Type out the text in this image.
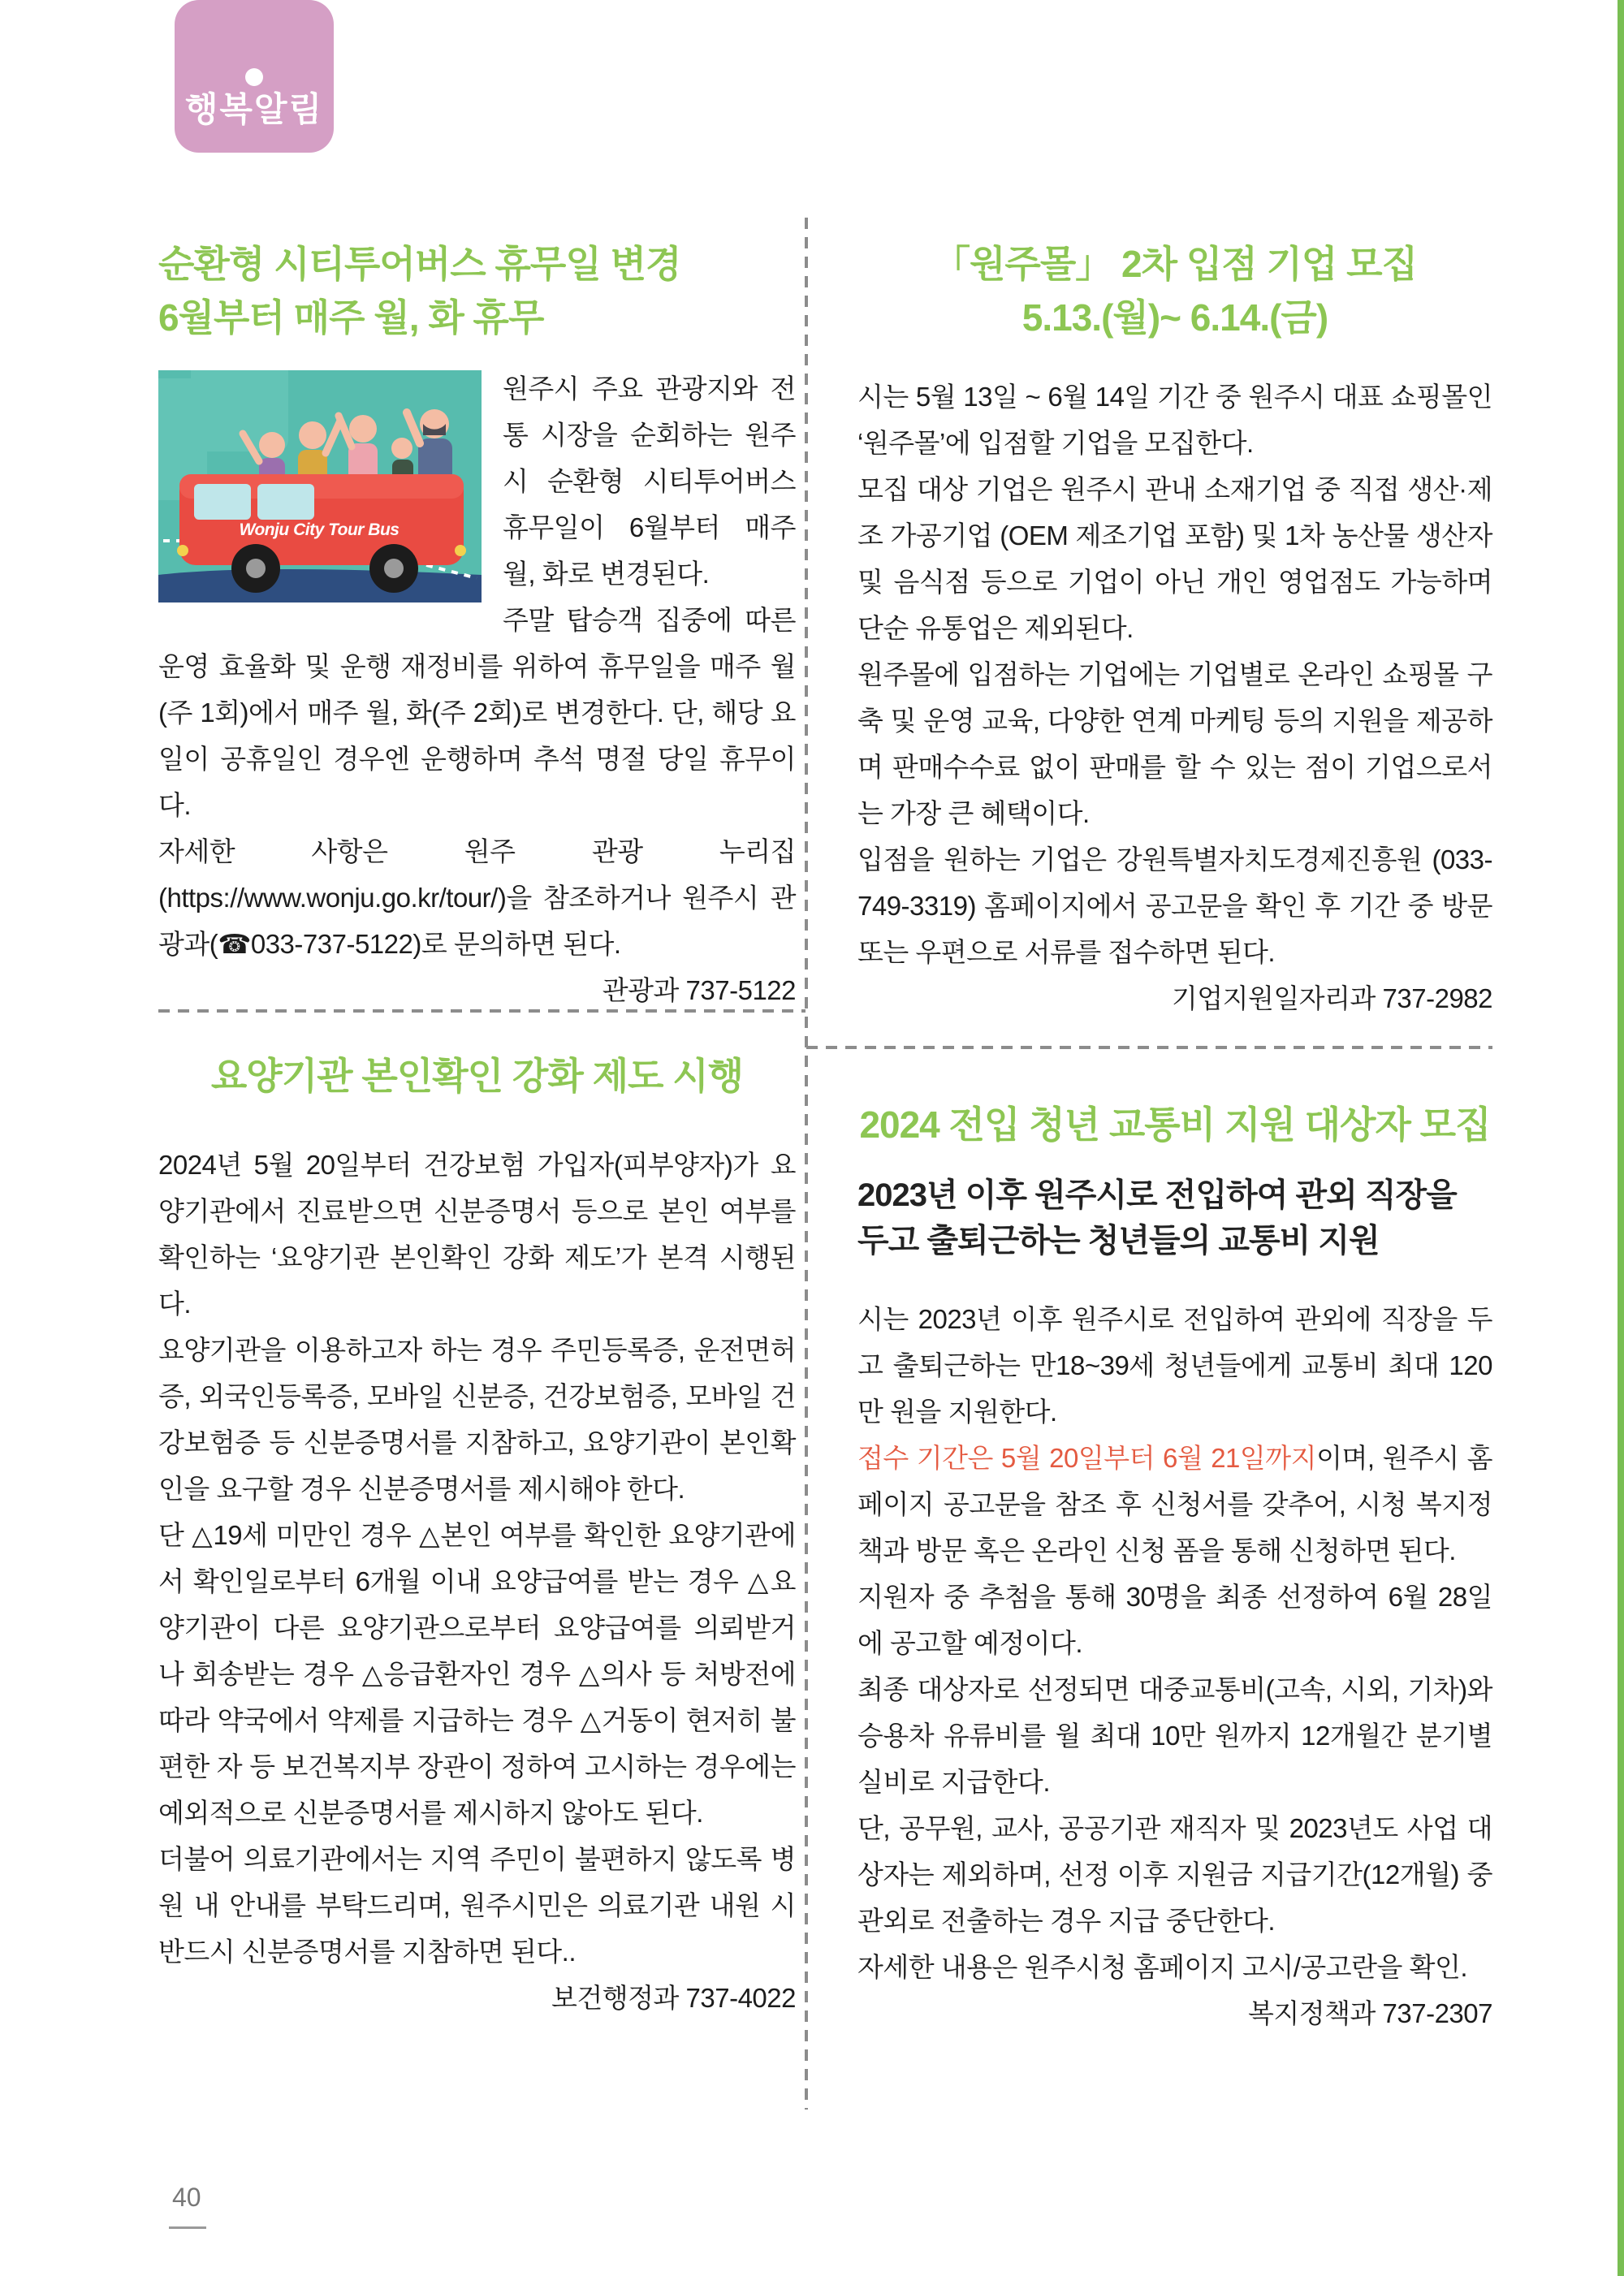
행복알림
순환형 시티투어버스 휴무일 변경
6월부터 매주 월, 화 휴무
Wonju City Tour Bus

원주시 주요 관광지와 전통 시장을 순회하는 원주시 순환형 시티투어버스 휴무일이 6월부터 매주 월, 화로 변경된다.

주말 탑승객 집중에 따른 운영 효율화 및 운행 재정비를 위하여 휴무일을 매주 월(주 1회)에서 매주 월, 화(주 2회)로 변경한다. 단, 해당 요일이 공휴일인 경우엔 운행하며 추석 명절 당일 휴무이다.

자세한 사항은 원주 관광 누리집(https://www.wonju.go.kr/tour/)을 참조하거나 원주시 관광과(☎033-737-5122)로 문의하면 된다.

관광과 737-5122
「원주몰」 2차 입점 기업 모집
5.13.(월)~ 6.14.(금)

시는 5월 13일 ~ 6월 14일 기간 중 원주시 대표 쇼핑몰인 ‘원주몰’에 입점할 기업을 모집한다.

모집 대상 기업은 원주시 관내 소재기업 중 직접 생산·제조 가공기업 (OEM 제조기업 포함) 및 1차 농산물 생산자 및 음식점 등으로 기업이 아닌 개인 영업점도 가능하며 단순 유통업은 제외된다.

원주몰에 입점하는 기업에는 기업별로 온라인 쇼핑몰 구축 및 운영 교육, 다양한 연계 마케팅 등의 지원을 제공하며 판매수수료 없이 판매를 할 수 있는 점이 기업으로서는 가장 큰 혜택이다.

입점을 원하는 기업은 강원특별자치도경제진흥원 (033-749-3319) 홈페이지에서 공고문을 확인 후 기간 중 방문 또는 우편으로 서류를 접수하면 된다.

기업지원일자리과 737-2982
요양기관 본인확인 강화 제도 시행

2024년 5월 20일부터 건강보험 가입자(피부양자)가 요양기관에서 진료받으면 신분증명서 등으로 본인 여부를 확인하는 ‘요양기관 본인확인 강화 제도’가 본격 시행된다.

요양기관을 이용하고자 하는 경우 주민등록증, 운전면허증, 외국인등록증, 모바일 신분증, 건강보험증, 모바일 건강보험증 등 신분증명서를 지참하고, 요양기관이 본인확인을 요구할 경우 신분증명서를 제시해야 한다.

단 △19세 미만인 경우 △본인 여부를 확인한 요양기관에서 확인일로부터 6개월 이내 요양급여를 받는 경우 △요양기관이 다른 요양기관으로부터 요양급여를 의뢰받거나 회송받는 경우 △응급환자인 경우 △의사 등 처방전에 따라 약국에서 약제를 지급하는 경우 △거동이 현저히 불편한 자 등 보건복지부 장관이 정하여 고시하는 경우에는 예외적으로 신분증명서를 제시하지 않아도 된다.

더불어 의료기관에서는 지역 주민이 불편하지 않도록 병원 내 안내를 부탁드리며, 원주시민은 의료기관 내원 시 반드시 신분증명서를 지참하면 된다..

보건행정과 737-4022
2024 전입 청년 교통비 지원 대상자 모집
2023년 이후 원주시로 전입하여 관외 직장을 두고 출퇴근하는 청년들의 교통비 지원

시는 2023년 이후 원주시로 전입하여 관외에 직장을 두고 출퇴근하는 만18~39세 청년들에게 교통비 최대 120만 원을 지원한다.

접수 기간은 5월 20일부터 6월 21일까지이며, 원주시 홈페이지 공고문을 참조 후 신청서를 갖추어, 시청 복지정책과 방문 혹은 온라인 신청 폼을 통해 신청하면 된다.

지원자 중 추첨을 통해 30명을 최종 선정하여 6월 28일에 공고할 예정이다.

최종 대상자로 선정되면 대중교통비(고속, 시외, 기차)와 승용차 유류비를 월 최대 10만 원까지 12개월간 분기별 실비로 지급한다.

단, 공무원, 교사, 공공기관 재직자 및 2023년도 사업 대상자는 제외하며, 선정 이후 지원금 지급기간(12개월) 중 관외로 전출하는 경우 지급 중단한다.

자세한 내용은 원주시청 홈페이지 고시/공고란을 확인.

복지정책과 737-2307
40
